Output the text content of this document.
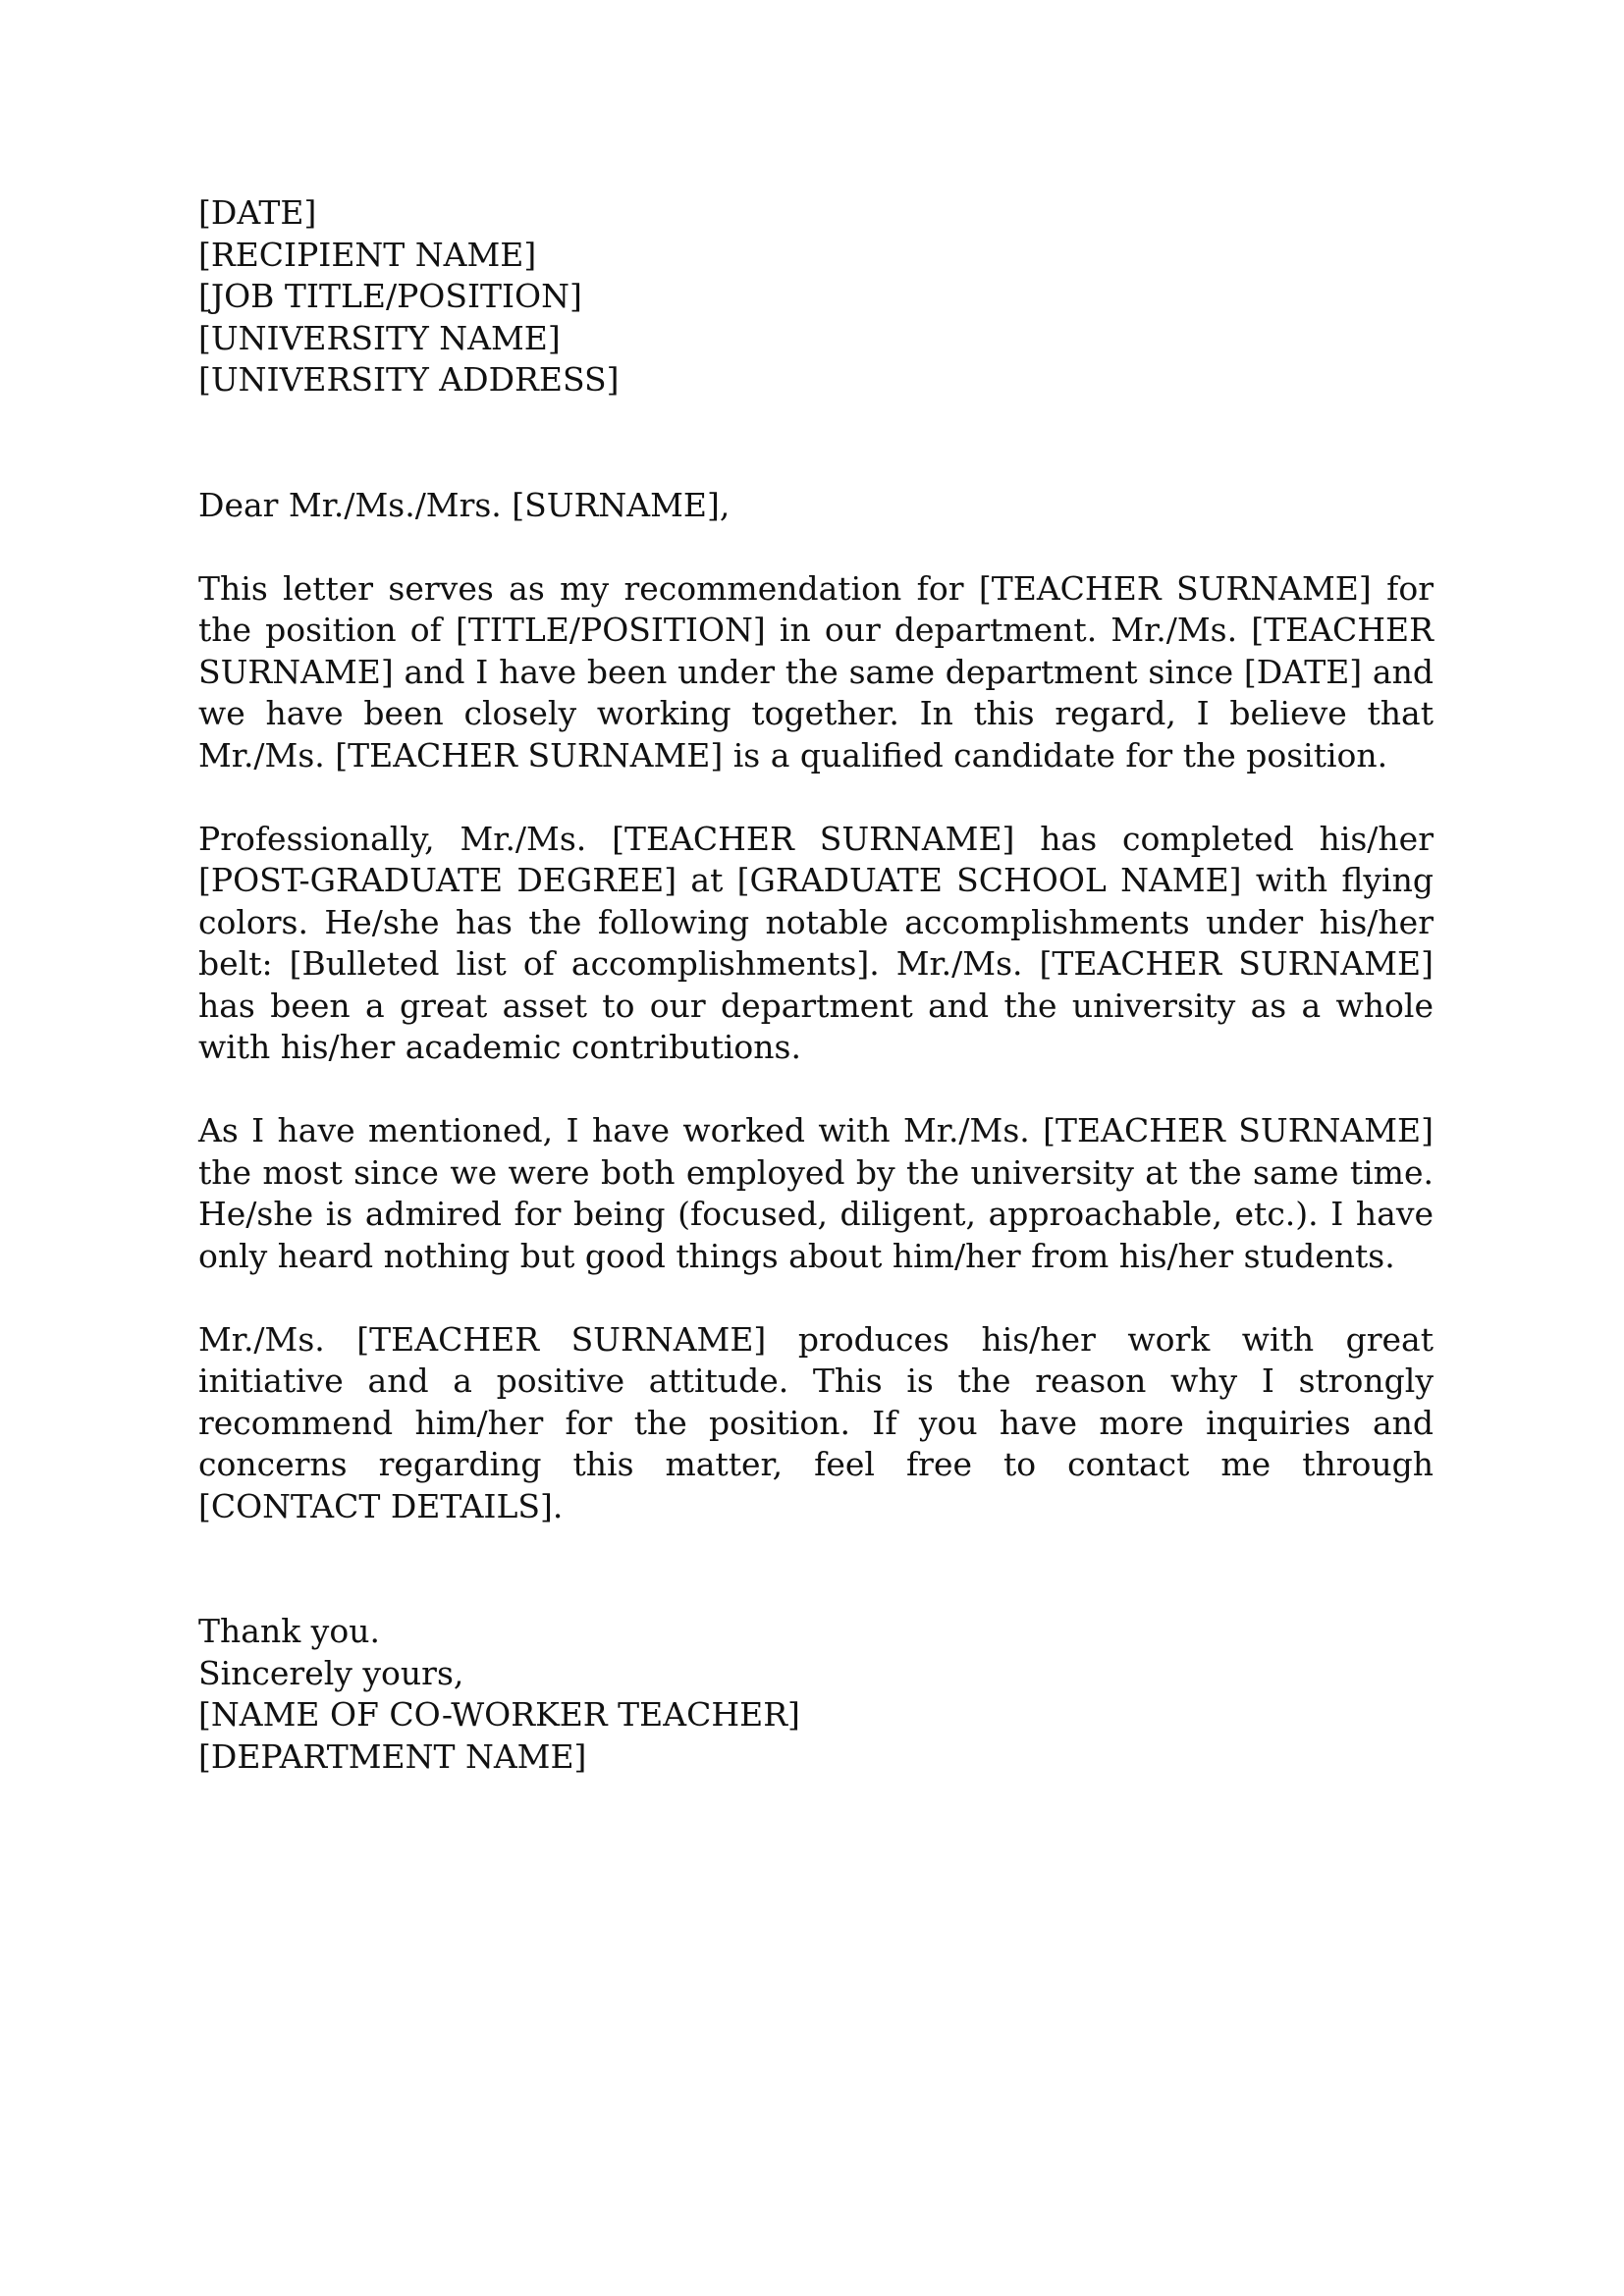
[DATE]
[RECIPIENT NAME]
[JOB TITLE/POSITION]
[UNIVERSITY NAME]
[UNIVERSITY ADDRESS]
Dear Mr./Ms./Mrs. [SURNAME],

This letter serves as my recommendation for [TEACHER SURNAME] for the position of [TITLE/POSITION] in our department. Mr./Ms. [TEACHER SURNAME] and I have been under the same department since [DATE] and we have been closely working together. In this regard, I believe that Mr./Ms. [TEACHER SURNAME] is a qualified candidate for the position.

Professionally, Mr./Ms. [TEACHER SURNAME] has completed his/her [POST-GRADUATE DEGREE] at [GRADUATE SCHOOL NAME] with flying colors. He/she has the following notable accomplishments under his/her belt: [Bulleted list of accomplishments]. Mr./Ms. [TEACHER SURNAME] has been a great asset to our department and the university as a whole with his/her academic contributions.

As I have mentioned, I have worked with Mr./Ms. [TEACHER SURNAME] the most since we were both employed by the university at the same time. He/she is admired for being (focused, diligent, approachable, etc.). I have only heard nothing but good things about him/her from his/her students.

Mr./Ms. [TEACHER SURNAME] produces his/her work with great initiative and a positive attitude. This is the reason why I strongly recommend him/her for the position. If you have more inquiries and concerns regarding this matter, feel free to contact me through [CONTACT DETAILS].

Thank you.
Sincerely yours,
[NAME OF CO-WORKER TEACHER]
[DEPARTMENT NAME]
